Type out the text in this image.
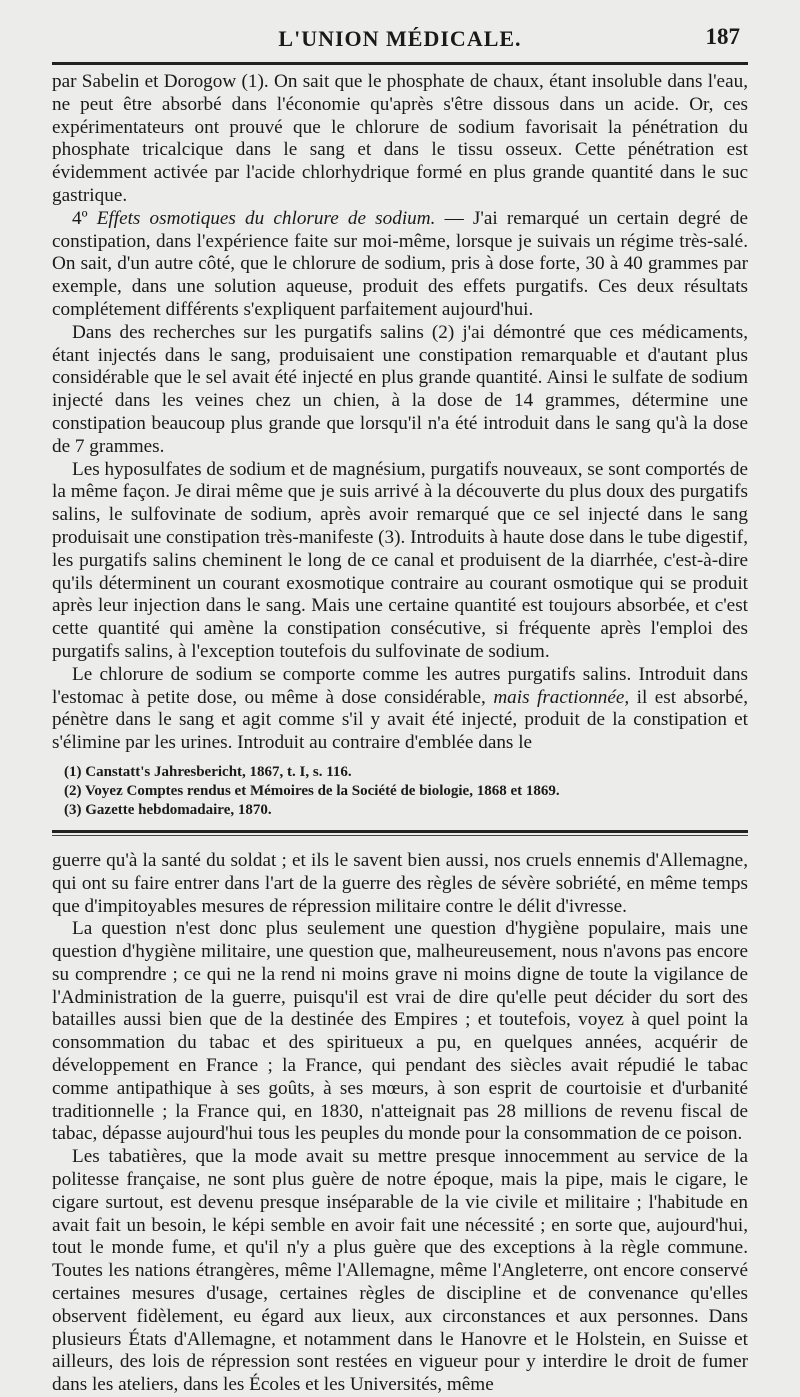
L'UNION MÉDICALE.	187

par Sabelin et Dorogow (1). On sait que le phosphate de chaux, étant insoluble dans l'eau, ne peut être absorbé dans l'économie qu'après s'être dissous dans un acide. Or, ces expérimentateurs ont prouvé que le chlorure de sodium favorisait la pénétration du phosphate tricalcique dans le sang et dans le tissu osseux. Cette pénétration est évidemment activée par l'acide chlorhydrique formé en plus grande quantité dans le suc gastrique.

4º Effets osmotiques du chlorure de sodium. — J'ai remarqué un certain degré de constipation, dans l'expérience faite sur moi-même, lorsque je suivais un régime très-salé. On sait, d'un autre côté, que le chlorure de sodium, pris à dose forte, 30 à 40 grammes par exemple, dans une solution aqueuse, produit des effets purgatifs. Ces deux résultats complétement différents s'expliquent parfaitement aujourd'hui.

Dans des recherches sur les purgatifs salins (2) j'ai démontré que ces médicaments, étant injectés dans le sang, produisaient une constipation remarquable et d'autant plus considérable que le sel avait été injecté en plus grande quantité. Ainsi le sulfate de sodium injecté dans les veines chez un chien, à la dose de 14 grammes, détermine une constipation beaucoup plus grande que lorsqu'il n'a été introduit dans le sang qu'à la dose de 7 grammes.

Les hyposulfates de sodium et de magnésium, purgatifs nouveaux, se sont comportés de la même façon. Je dirai même que je suis arrivé à la découverte du plus doux des purgatifs salins, le sulfovinate de sodium, après avoir remarqué que ce sel injecté dans le sang produisait une constipation très-manifeste (3). Introduits à haute dose dans le tube digestif, les purgatifs salins cheminent le long de ce canal et produisent de la diarrhée, c'est-à-dire qu'ils déterminent un courant exosmotique contraire au courant osmotique qui se produit après leur injection dans le sang. Mais une certaine quantité est toujours absorbée, et c'est cette quantité qui amène la constipation consécutive, si fréquente après l'emploi des purgatifs salins, à l'exception toutefois du sulfovinate de sodium.

Le chlorure de sodium se comporte comme les autres purgatifs salins. Introduit dans l'estomac à petite dose, ou même à dose considérable, mais fractionnée, il est absorbé, pénètre dans le sang et agit comme s'il y avait été injecté, produit de la constipation et s'élimine par les urines. Introduit au contraire d'emblée dans le

(1) Canstatt's Jahresbericht, 1867, t. I, s. 116.
(2) Voyez Comptes rendus et Mémoires de la Société de biologie, 1868 et 1869.
(3) Gazette hebdomadaire, 1870.

guerre qu'à la santé du soldat ; et ils le savent bien aussi, nos cruels ennemis d'Allemagne, qui ont su faire entrer dans l'art de la guerre des règles de sévère sobriété, en même temps que d'impitoyables mesures de répression militaire contre le délit d'ivresse.

La question n'est donc plus seulement une question d'hygiène populaire, mais une question d'hygiène militaire, une question que, malheureusement, nous n'avons pas encore su comprendre ; ce qui ne la rend ni moins grave ni moins digne de toute la vigilance de l'Administration de la guerre, puisqu'il est vrai de dire qu'elle peut décider du sort des batailles aussi bien que de la destinée des Empires ; et toutefois, voyez à quel point la consommation du tabac et des spiritueux a pu, en quelques années, acquérir de développement en France ; la France, qui pendant des siècles avait répudié le tabac comme antipathique à ses goûts, à ses mœurs, à son esprit de courtoisie et d'urbanité traditionnelle ; la France qui, en 1830, n'atteignait pas 28 millions de revenu fiscal de tabac, dépasse aujourd'hui tous les peuples du monde pour la consommation de ce poison.

Les tabatières, que la mode avait su mettre presque innocemment au service de la politesse française, ne sont plus guère de notre époque, mais la pipe, mais le cigare, le cigare surtout, est devenu presque inséparable de la vie civile et militaire ; l'habitude en avait fait un besoin, le képi semble en avoir fait une nécessité ; en sorte que, aujourd'hui, tout le monde fume, et qu'il n'y a plus guère que des exceptions à la règle commune. Toutes les nations étrangères, même l'Allemagne, même l'Angleterre, ont encore conservé certaines mesures d'usage, certaines règles de discipline et de convenance qu'elles observent fidèlement, eu égard aux lieux, aux circonstances et aux personnes. Dans plusieurs États d'Allemagne, et notamment dans le Hanovre et le Holstein, en Suisse et ailleurs, des lois de répression sont restées en vigueur pour y interdire le droit de fumer dans les ateliers, dans les Écoles et les Universités, même
